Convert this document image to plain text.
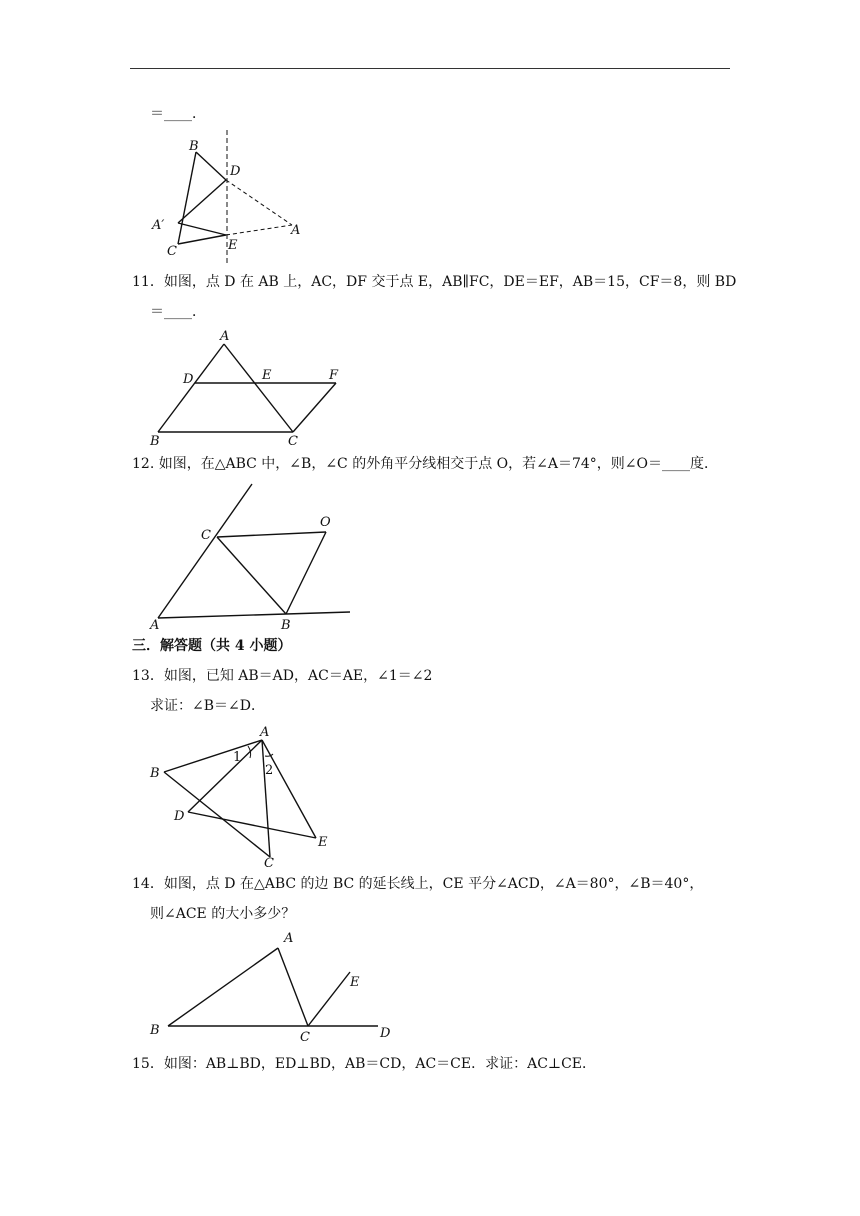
＝____．
B
D
A′
C	E
A
11．如图，点 D 在 AB 上，AC，DF 交于点 E，AB∥FC，DE＝EF，AB＝15，CF＝8，则 BD
＝____．
A
D	E	F
B	C
12. 如图，在△ABC 中，∠B，∠C 的外角平分线相交于点 O，若∠A＝74°，则∠O＝____度．
C
O
A	B
三．解答题（共 4 小题）
13．如图，已知 AB＝AD，AC＝AE，∠1＝∠2
求证：∠B＝∠D．
A
B
D
E
C
1
2
14．如图，点 D 在△ABC 的边 BC 的延长线上，CE 平分∠ACD，∠A＝80°，∠B＝40°，
则∠ACE 的大小多少？
A
E
B	C	D
15．如图：AB⊥BD，ED⊥BD，AB＝CD，AC＝CE．求证：AC⊥CE．
